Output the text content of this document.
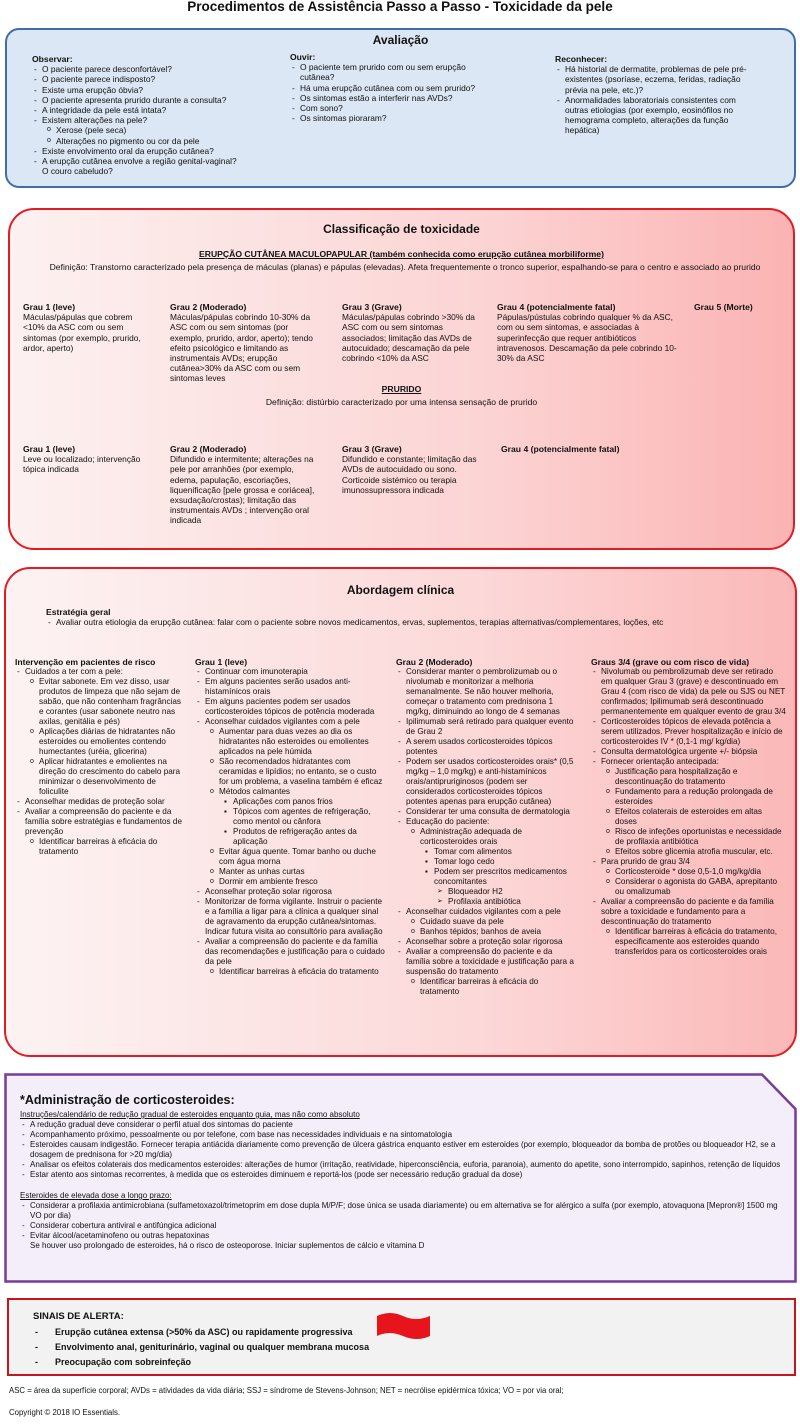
Procedimentos de Assistência Passo a Passo - Toxicidade da pele
Avaliação
Observar:
- O paciente parece desconfortável?
- O paciente parece indisposto?
- Existe uma erupção óbvia?
- O paciente apresenta prurido durante a consulta?
- A integridade da pele está intata?
- Existem alterações na pele?
o Xerose (pele seca)
o Alterações no pigmento ou cor da pele
- Existe envolvimento oral da erupção cutânea?
- A erupção cutânea envolve a região genital-vaginal? O couro cabeludo?
Ouvir:
- O paciente tem prurido com ou sem erupção cutânea?
- Há uma erupção cutânea com ou sem prurido?
- Os sintomas estão a interferir nas AVDs?
- Com sono?
- Os sintomas pioraram?
Reconhecer:
- Há historial de dermatite, problemas de pele pré-existentes (psoríase, eczema, feridas, radiação prévia na pele, etc.)?
- Anormalidades laboratoriais consistentes com outras etiologias (por exemplo, eosinófilos no hemograma completo, alterações da função hepática)
Classificação de toxicidade
ERUPÇÃO CUTÂNEA MACULOPAPULAR (também conhecida como erupção cutânea morbiliforme)
Definição: Transtorno caracterizado pela presença de máculas (planas) e pápulas (elevadas). Afeta frequentemente o tronco superior, espalhando-se para o centro e associado ao prurido
Grau 1 (leve)
Máculas/pápulas que cobrem <10% da ASC com ou sem sintomas (por exemplo, prurido, ardor, aperto)
Grau 2 (Moderado)
Máculas/pápulas cobrindo 10-30% da ASC com ou sem sintomas (por exemplo, prurido, ardor, aperto); tendo efeito psicológico e limitando as instrumentais AVDs; erupção cutânea>30% da ASC com ou sem sintomas leves
Grau 3 (Grave)
Máculas/pápulas cobrindo >30% da ASC com ou sem sintomas associados; limitação das AVDs de autocuidado; descamação da pele cobrindo <10% da ASC
Grau 4 (potencialmente fatal)
Pápulas/pústulas cobrindo qualquer % da ASC, com ou sem sintomas, e associadas à superinfecção que requer antibióticos intravenosos. Descamação da pele cobrindo 10-30% da ASC
Grau 5 (Morte)
PRURIDO
Definição: distúrbio caracterizado por uma intensa sensação de prurido
Grau 1 (leve)
Leve ou localizado; intervenção tópica indicada
Grau 2 (Moderado)
Difundido e intermitente; alterações na pele por arranhões (por exemplo, edema, papulação, escoriações, liquenificação [pele grossa e coriácea], exsudação/crostas); limitação das instrumentais AVDs ; intervenção oral indicada
Grau 3 (Grave)
Difundido e constante; limitação das AVDs de autocuidado ou sono. Corticoide sistémico ou terapia imunossupressora indicada
Grau 4 (potencialmente fatal)
Abordagem clínica
Estratégia geral
- Avaliar outra etiologia da erupção cutânea: falar com o paciente sobre novos medicamentos, ervas, suplementos, terapias alternativas/complementares, loções, etc
Intervenção em pacientes de risco
- Cuidados a ter com a pele:
o Evitar sabonete. Em vez disso, usar produtos de limpeza que não sejam de sabão, que não contenham fragrâncias e corantes (usar sabonete neutro nas axilas, genitália e pés)
o Aplicações diárias de hidratantes não esteroides ou emolientes contendo humectantes (uréia, glicerina)
o Aplicar hidratantes e emolientes na direção do crescimento do cabelo para minimizar o desenvolvimento de foliculite
- Aconselhar medidas de proteção solar
- Avaliar a compreensão do paciente e da família sobre estratégias e fundamentos de prevenção
o Identificar barreiras à eficácia do tratamento
Grau 1 (leve)
- Continuar com imunoterapia
- Em alguns pacientes serão usados anti-histamínicos orais
- Em alguns pacientes podem ser usados corticosteroides tópicos de potência moderada
- Aconselhar cuidados vigilantes com a pele
o Aumentar para duas vezes ao dia os hidratantes não esteroides ou emolientes aplicados na pele húmida
o São recomendados hidratantes com ceramidas e lipídios; no entanto, se o custo for um problema, a vaselina também é eficaz
o Métodos calmantes
▪ Aplicações com panos frios
▪ Tópicos com agentes de refrigeração, como mentol ou cânfora
▪ Produtos de refrigeração antes da aplicação
o Evitar água quente. Tomar banho ou duche com água morna
o Manter as unhas curtas
o Dormir em ambiente fresco
- Aconselhar proteção solar rigorosa
- Monitorizar de forma vigilante. Instruir o paciente e a família a ligar para a clínica a qualquer sinal de agravamento da erupção cutânea/sintomas. Indicar futura visita ao consultório para avaliação
- Avaliar a compreensão do paciente e da família das recomendações e justificação para o cuidado da pele
o Identificar barreiras à eficácia do tratamento
Grau 2 (Moderado)
- Considerar manter o pembrolizumab ou o nivolumab e monitorizar a melhoria semanalmente. Se não houver melhoria, começar o tratamento com prednisona 1 mg/kg, diminuindo ao longo de 4 semanas
- Ipilimumab será retirado para qualquer evento de Grau 2
- A serem usados corticosteroides tópicos potentes
- Podem ser usados corticosteroides orais* (0,5 mg/kg – 1,0 mg/kg) e anti-histamínicos orais/antipruriginosos (podem ser considerados corticosteroides tópicos potentes apenas para erupção cutânea)
- Considerar ter uma consulta de dermatologia
- Educação do paciente:
o Administração adequada de corticosteroides orais
▪ Tomar com alimentos
▪ Tomar logo cedo
▪ Podem ser prescritos medicamentos concomitantes
➢ Bloqueador H2
➢ Profilaxia antibiótica
- Aconselhar cuidados vigilantes com a pele
o Cuidado suave da pele
o Banhos tépidos; banhos de aveia
- Aconselhar sobre a proteção solar rigorosa
- Avaliar a compreensão do paciente e da família sobre a toxicidade e justificação para a suspensão do tratamento
o Identificar barreiras à eficácia do tratamento
Graus 3/4 (grave ou com risco de vida)
- Nivolumab ou pembrolizumab deve ser retirado em qualquer Grau 3 (grave) e descontinuado em Grau 4 (com risco de vida) da pele ou SJS ou NET confirmados; Ipilimumab será descontinuado permanentemente em qualquer evento de grau 3/4
- Corticosteroides tópicos de elevada potência a serem utilizados. Prever hospitalização e início de corticosteroides IV * (0,1-1 mg/ kg/dia)
- Consulta dermatológica urgente +/- biópsia
- Fornecer orientação antecipada:
o Justificação para hospitalização e descontinuação do tratamento
o Fundamento para a redução prolongada de esteroides
o Efeitos colaterais de esteroides em altas doses
o Risco de infeções oportunistas e necessidade de profilaxia antibiótica
o Efeitos sobre glicemia atrofia muscular, etc.
- Para prurido de grau 3/4
o Corticosteroide * dose 0,5-1,0 mg/kg/dia
o Considerar o agonista do GABA, aprepitanto ou omalizumab
- Avaliar a compreensão do paciente e da família sobre a toxicidade e fundamento para a descontinuação do tratamento
o Identificar barreiras à eficácia do tratamento, especificamente aos esteroides quando transferidos para os corticosteroides orais
*Administração de corticosteroides:
Instruções/calendário de redução gradual de esteroides enquanto guia, mas não como absoluto
- A redução gradual deve considerar o perfil atual dos sintomas do paciente
- Acompanhamento próximo, pessoalmente ou por telefone, com base nas necessidades individuais e na sintomatologia
- Esteroides causam indigestão. Fornecer terapia antiácida diariamente como prevenção de úlcera gástrica enquanto estiver em esteroides (por exemplo, bloqueador da bomba de protões ou bloqueador H2, se a dosagem de prednisona for >20 mg/dia)
- Analisar os efeitos colaterais dos medicamentos esteroides: alterações de humor (irritação, reatividade, hiperconsciência, euforia, paranoia), aumento do apetite, sono interrompido, sapinhos, retenção de líquidos
- Estar atento aos sintomas recorrentes, à medida que os esteroides diminuem e reportá-los (pode ser necessário redução gradual da dose)
Esteroides de elevada dose a longo prazo:
- Considerar a profilaxia antimicrobiana (sulfametoxazol/trimetoprim em dose dupla M/P/F; dose única se usada diariamente) ou em alternativa se for alérgico a sulfa (por exemplo, atovaquona [Mepron®] 1500 mg VO por dia)
- Considerar cobertura antiviral e antifúngica adicional
- Evitar álcool/acetaminofeno ou outras hepatoxinas
Se houver uso prolongado de esteroides, há o risco de osteoporose. Iniciar suplementos de cálcio e vitamina D
SINAIS DE ALERTA:
- Erupção cutânea extensa (>50% da ASC) ou rapidamente progressiva
- Envolvimento anal, geniturinário, vaginal ou qualquer membrana mucosa
- Preocupação com sobreinfeção
ASC = área da superfície corporal; AVDs = atividades da vida diária; SSJ = síndrome de Stevens-Johnson; NET = necrólise epidérmica tóxica; VO = por via oral;
Copyright © 2018 IO Essentials.
